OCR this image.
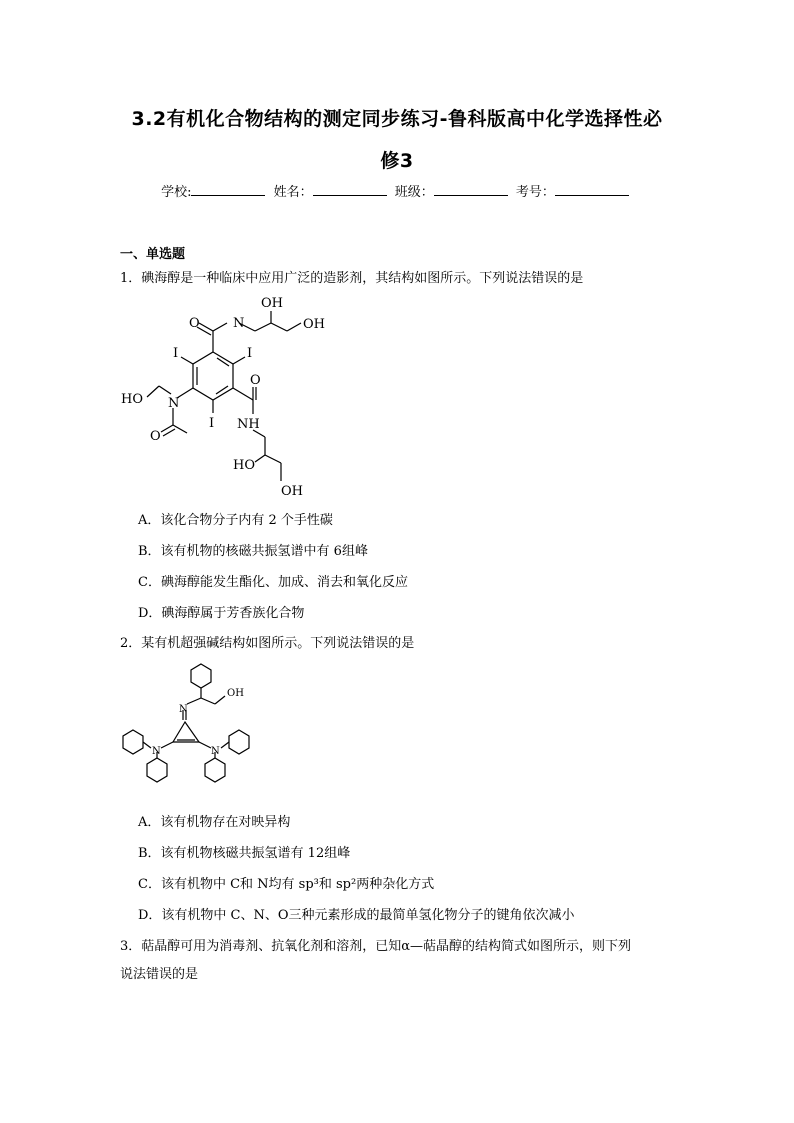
3.2有机化合物结构的测定同步练习-鲁科版高中化学选择性必
修3
学校:	姓名：	班级：	考号：
一、单选题
1．碘海醇是一种临床中应用广泛的造影剂，其结构如图所示。下列说法错误的是
N
OH
OH
O
I	I
I
HO N
O
O
NH
HO
OH
A．该化合物分子内有 2 个手性碳
B．该有机物的核磁共振氢谱中有 6组峰
C．碘海醇能发生酯化、加成、消去和氧化反应
D．碘海醇属于芳香族化合物
2．某有机超强碱结构如图所示。下列说法错误的是
OH
N
N	N
A．该有机物存在对映异构
B．该有机物核磁共振氢谱有 12组峰
C．该有机物中 C和 N均有 sp³和 sp²两种杂化方式
D．该有机物中 C、N、O三种元素形成的最简单氢化物分子的键角依次减小
3．萜晶醇可用为消毒剂、抗氧化剂和溶剂，已知α—萜晶醇的结构简式如图所示，则下列
说法错误的是
